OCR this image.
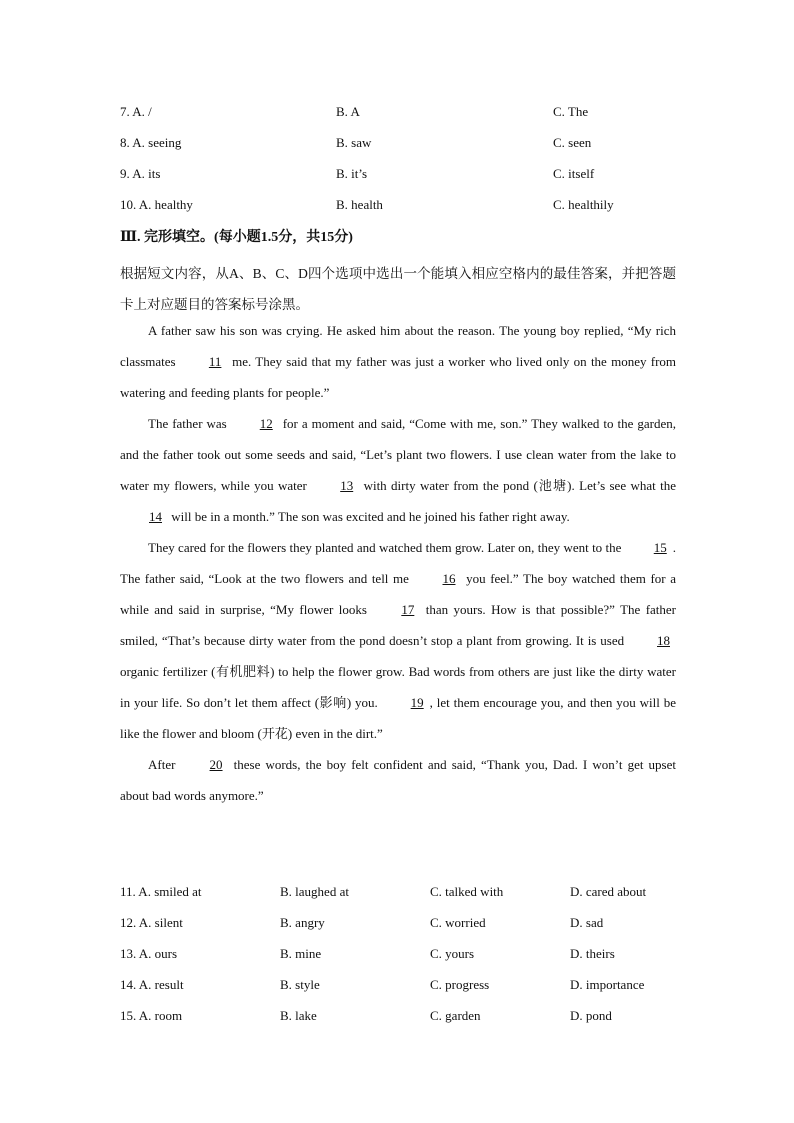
7. A. /	B. A	C. The
8. A. seeing	B. saw	C. seen
9. A. its	B. it’s	C. itself
10. A. healthy	B. health	C. healthily
Ⅲ. 完形填空。(每小题1.5分，共15分)
根据短文内容，从A、B、C、D四个选项中选出一个能填入相应空格内的最佳答案，并把答题卡上对应题目的答案标号涂黑。

A father saw his son was crying. He asked him about the reason. The young boy replied, “My rich classmates 11 me. They said that my father was just a worker who lived only on the money from watering and feeding plants for people.”

The father was 12 for a moment and said, “Come with me, son.” They walked to the garden, and the father took out some seeds and said, “Let’s plant two flowers. I use clean water from the lake to water my flowers, while you water 13 with dirty water from the pond (池塘). Let’s see what the 14 will be in a month.” The son was excited and he joined his father right away.

They cared for the flowers they planted and watched them grow. Later on, they went to the 15 . The father said, “Look at the two flowers and tell me 16 you feel.” The boy watched them for a while and said in surprise, “My flower looks 17 than yours. How is that possible?” The father smiled, “That’s because dirty water from the pond doesn’t stop a plant from growing. It is used 18 organic fertilizer (有机肥料) to help the flower grow. Bad words from others are just like the dirty water in your life. So don’t let them affect (影响) you. 19 , let them encourage you, and then you will be like the flower and bloom (开花) even in the dirt.”

After 20 these words, the boy felt confident and said, “Thank you, Dad. I won’t get upset about bad words anymore.”

11. A. smiled at	B. laughed at	C. talked with	D. cared about
12. A. silent	B. angry	C. worried	D. sad
13. A. ours	B. mine	C. yours	D. theirs
14. A. result	B. style	C. progress	D. importance
15. A. room	B. lake	C. garden	D. pond
